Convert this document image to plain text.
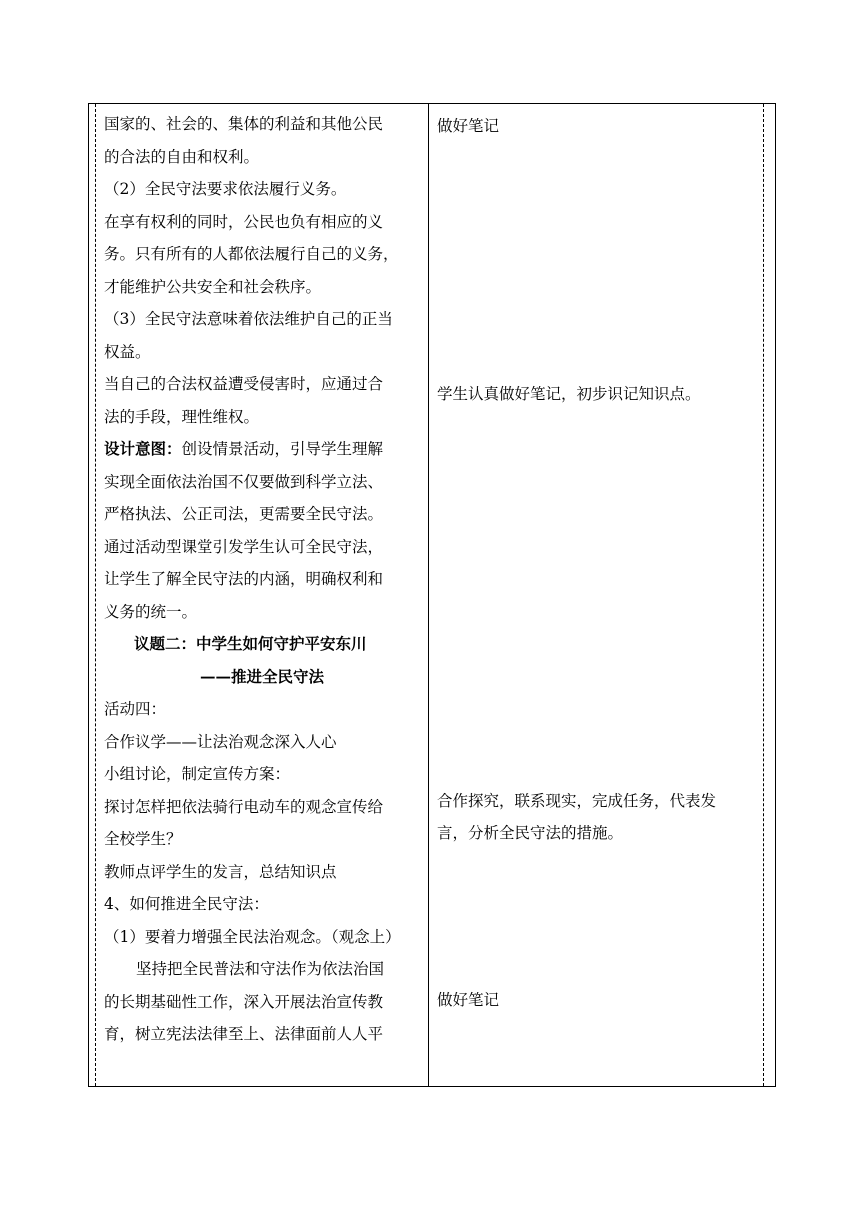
国家的、社会的、集体的利益和其他公民
的合法的自由和权利。
（2）全民守法要求依法履行义务。
在享有权利的同时，公民也负有相应的义
务。只有所有的人都依法履行自己的义务，
才能维护公共安全和社会秩序。
（3）全民守法意味着依法维护自己的正当
权益。
当自己的合法权益遭受侵害时，应通过合
法的手段，理性维权。
设计意图：创设情景活动，引导学生理解
实现全面依法治国不仅要做到科学立法、
严格执法、公正司法，更需要全民守法。
通过活动型课堂引发学生认可全民守法，
让学生了解全民守法的内涵，明确权利和
义务的统一。
议题二：中学生如何守护平安东川
——推进全民守法
活动四：
合作议学——让法治观念深入人心
小组讨论，制定宣传方案：
探讨怎样把依法骑行电动车的观念宣传给
全校学生？
教师点评学生的发言，总结知识点
4、如何推进全民守法：
（1）要着力增强全民法治观念。（观念上）
坚持把全民普法和守法作为依法治国
的长期基础性工作，深入开展法治宣传教
育，树立宪法法律至上、法律面前人人平
做好笔记
学生认真做好笔记，初步识记知识点。
合作探究，联系现实，完成任务，代表发
言，分析全民守法的措施。
做好笔记
